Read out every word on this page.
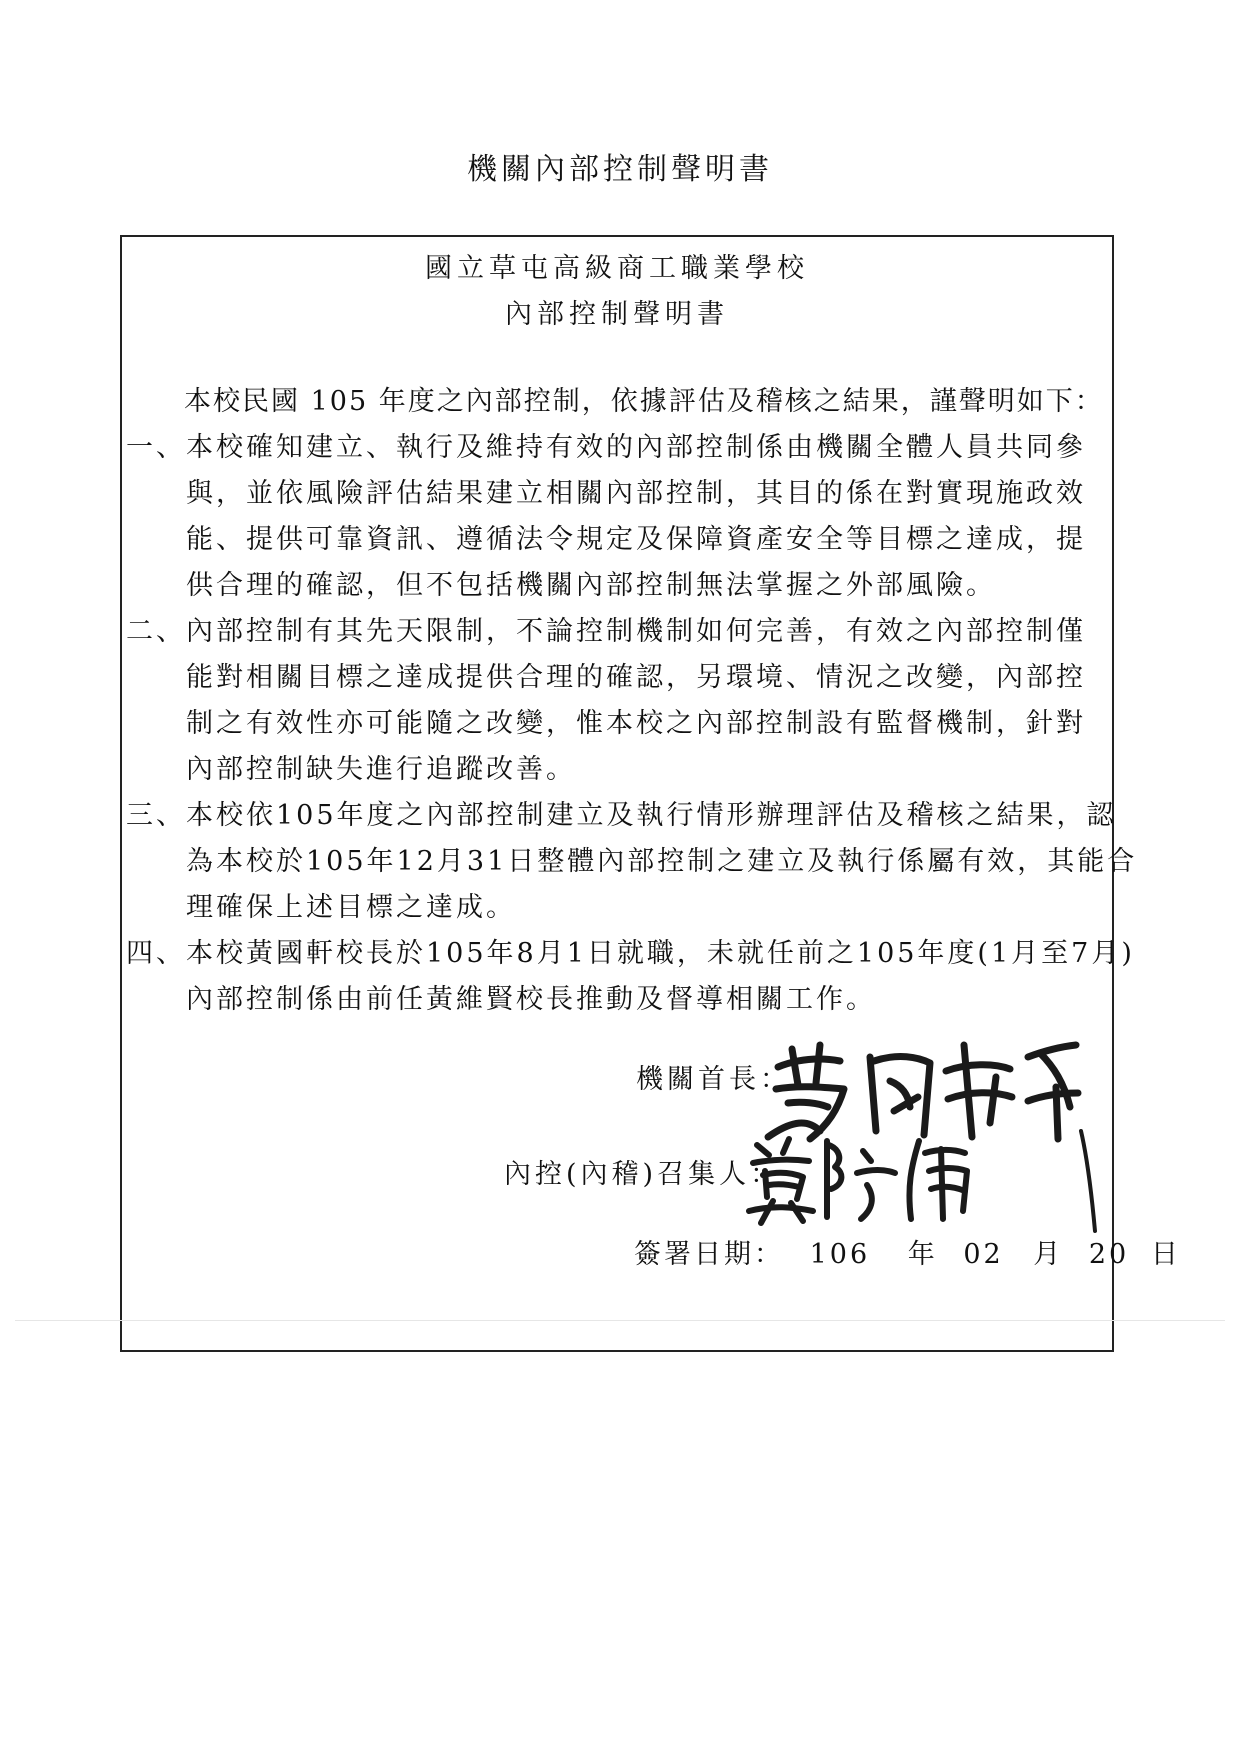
機關內部控制聲明書
國立草屯高級商工職業學校
內部控制聲明書
本校民國 105 年度之內部控制，依據評估及稽核之結果，謹聲明如下：
一、 本校確知建立、執行及維持有效的內部控制係由機關全體人員共同參
與，並依風險評估結果建立相關內部控制，其目的係在對實現施政效
能、提供可靠資訊、遵循法令規定及保障資產安全等目標之達成，提
供合理的確認，但不包括機關內部控制無法掌握之外部風險。
二、 內部控制有其先天限制，不論控制機制如何完善，有效之內部控制僅
能對相關目標之達成提供合理的確認，另環境、情況之改變，內部控
制之有效性亦可能隨之改變，惟本校之內部控制設有監督機制，針對
內部控制缺失進行追蹤改善。
三、 本校依105年度之內部控制建立及執行情形辦理評估及稽核之結果，認
為本校於105年12月31日整體內部控制之建立及執行係屬有效，其能合
理確保上述目標之達成。
四、 本校黃國軒校長於105年8月1日就職，未就任前之105年度(1月至7月)
內部控制係由前任黃維賢校長推動及督導相關工作。
機關首長：
內控(內稽)召集人：
簽署日期： 106 年 02 月 20 日
